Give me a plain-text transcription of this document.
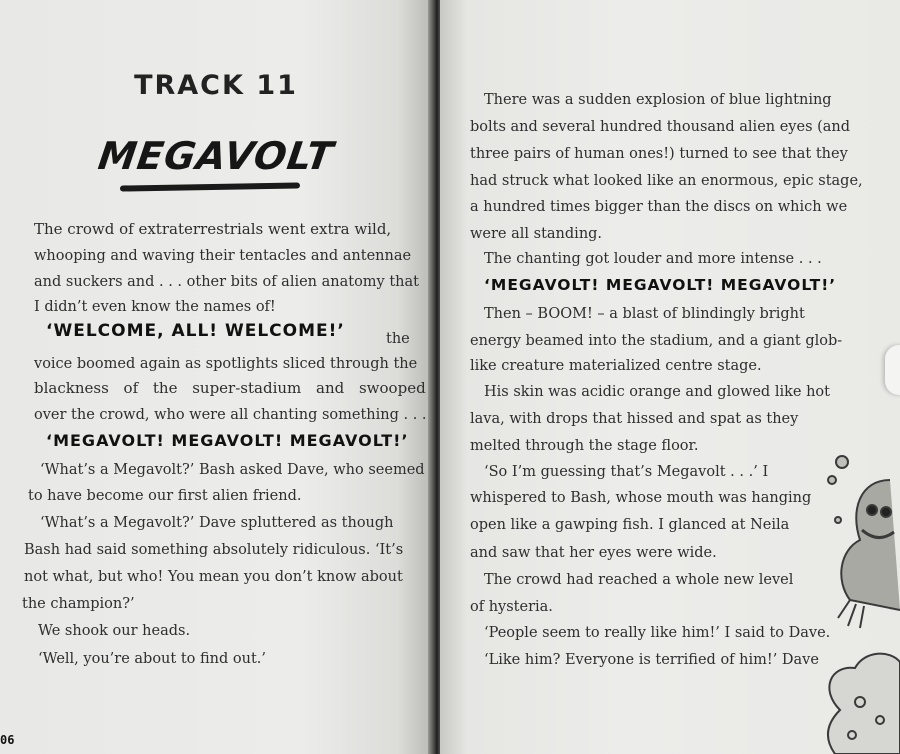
TRACK 11
MEGAVOLT
The crowd of extraterrestrials went extra wild,
whooping and waving their tentacles and antennae
and suckers and . . . other bits of alien anatomy that
I didn’t even know the names of!
‘WELCOME, ALL! WELCOME!’	the
voice boomed again as spotlights sliced through the
blackness of the super-stadium and swooped
over the crowd, who were all chanting something . . .
‘MEGAVOLT! MEGAVOLT! MEGAVOLT!’
‘What’s a Megavolt?’ Bash asked Dave, who seemed
to have become our first alien friend.
‘What’s a Megavolt?’ Dave spluttered as though
Bash had said something absolutely ridiculous. ‘It’s
not what, but who! You mean you don’t know about
the champion?’
We shook our heads.
‘Well, you’re about to find out.’
06
There was a sudden explosion of blue lightning
bolts and several hundred thousand alien eyes (and
three pairs of human ones!) turned to see that they
had struck what looked like an enormous, epic stage,
a hundred times bigger than the discs on which we
were all standing.
The chanting got louder and more intense . . .
‘MEGAVOLT! MEGAVOLT! MEGAVOLT!’
Then – BOOM! – a blast of blindingly bright
energy beamed into the stadium, and a giant glob-
like creature materialized centre stage.
His skin was acidic orange and glowed like hot
lava, with drops that hissed and spat as they
melted through the stage floor.
‘So I’m guessing that’s Megavolt . . .’ I
whispered to Bash, whose mouth was hanging
open like a gawping fish. I glanced at Neila
and saw that her eyes were wide.
The crowd had reached a whole new level
of hysteria.
‘People seem to really like him!’ I said to Dave.
‘Like him? Everyone is terrified of him!’ Dave
